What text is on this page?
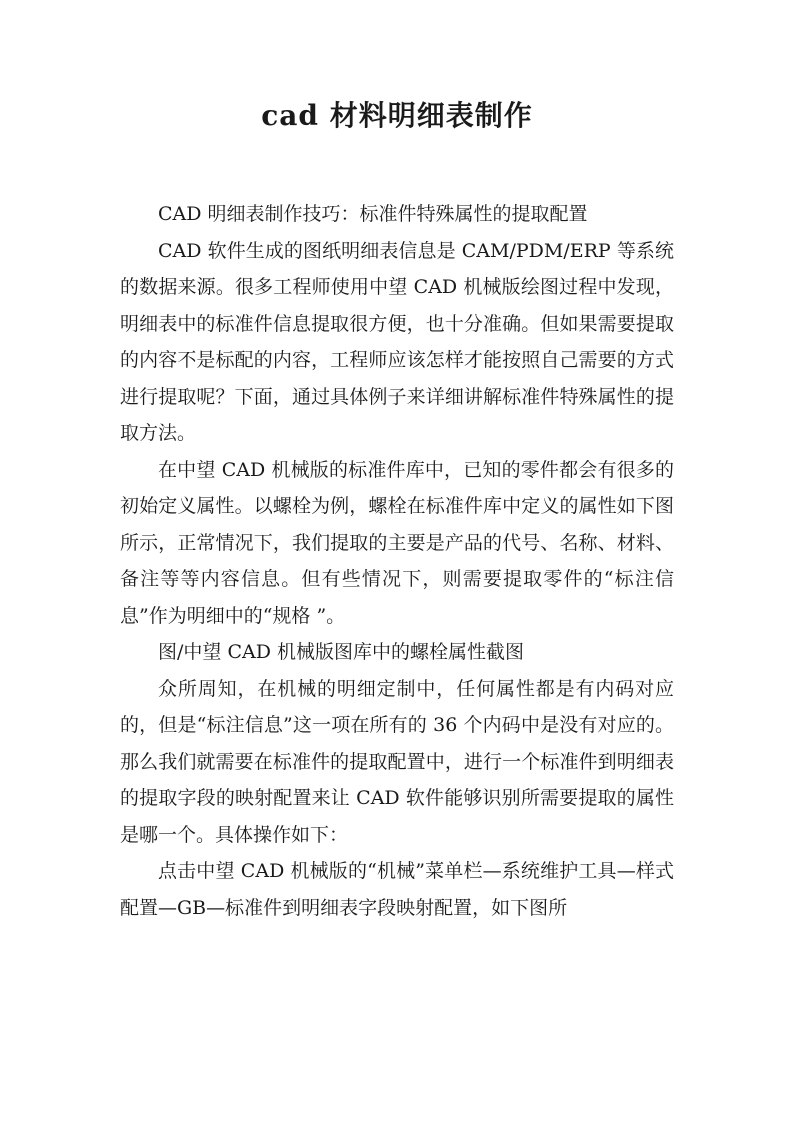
cad 材料明细表制作

CAD 明细表制作技巧：标准件特殊属性的提取配置

CAD 软件生成的图纸明细表信息是 CAM/PDM/ERP 等系统的数据来源。很多工程师使用中望 CAD 机械版绘图过程中发现，明细表中的标准件信息提取很方便，也十分准确。但如果需要提取的内容不是标配的内容，工程师应该怎样才能按照自己需要的方式进行提取呢？下面，通过具体例子来详细讲解标准件特殊属性的提取方法。

在中望 CAD 机械版的标准件库中，已知的零件都会有很多的初始定义属性。以螺栓为例，螺栓在标准件库中定义的属性如下图所示，正常情况下，我们提取的主要是产品的代号、名称、材料、备注等等内容信息。但有些情况下，则需要提取零件的“标注信息”作为明细中的“规格 ”。

图/中望 CAD 机械版图库中的螺栓属性截图

众所周知，在机械的明细定制中，任何属性都是有内码对应的，但是“标注信息”这一项在所有的 36 个内码中是没有对应的。那么我们就需要在标准件的提取配置中，进行一个标准件到明细表的提取字段的映射配置来让 CAD 软件能够识别所需要提取的属性是哪一个。具体操作如下：

点击中望 CAD 机械版的“机械”菜单栏—系统维护工具—样式配置—GB—标准件到明细表字段映射配置，如下图所
